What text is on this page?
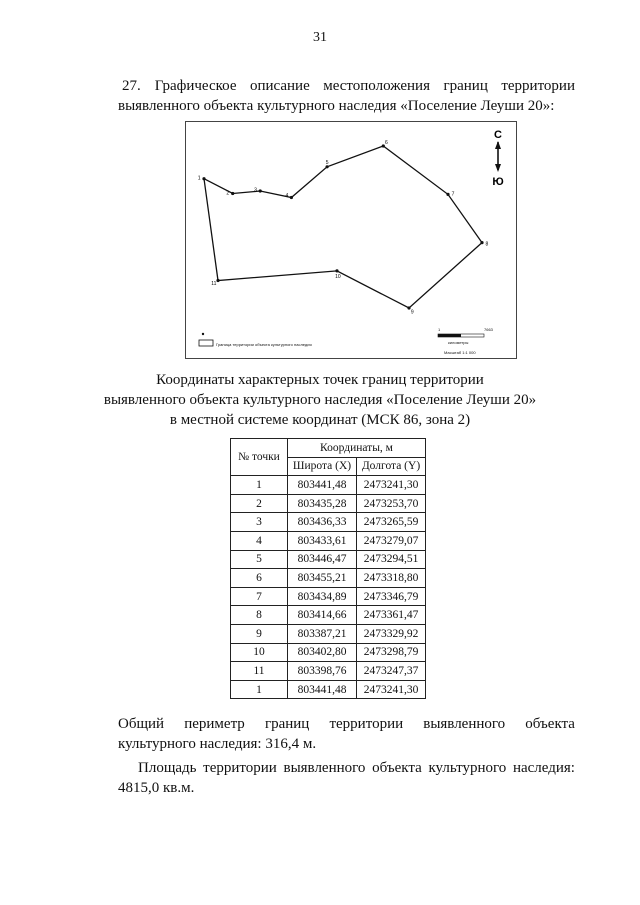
31
27. Графическое описание местоположения границ территории выявленного объекта культурного наследия «Поселение Леуши 20»:
1
2	3
4
5
6
7
8
9
10
11
С
Ю
Граница территории объекта культурного наследия
1	7663
километры
Масштаб 1:1 000
Координаты характерных точек границ территории
выявленного объекта культурного наследия «Поселение Леуши 20»
в местной системе координат (МСК 86, зона 2)
№ точки	Координаты, м	
	Широта (X)	Долгота (Y)
1	803441,48	2473241,30
2	803435,28	2473253,70
3	803436,33	2473265,59
4	803433,61	2473279,07
5	803446,47	2473294,51
6	803455,21	2473318,80
7	803434,89	2473346,79
8	803414,66	2473361,47
9	803387,21	2473329,92
10	803402,80	2473298,79
11	803398,76	2473247,37
1	803441,48	2473241,30
Общий периметр границ территории выявленного объекта
культурного наследия: 316,4 м.
Площадь территории выявленного объекта культурного наследия:
4815,0 кв.м.
